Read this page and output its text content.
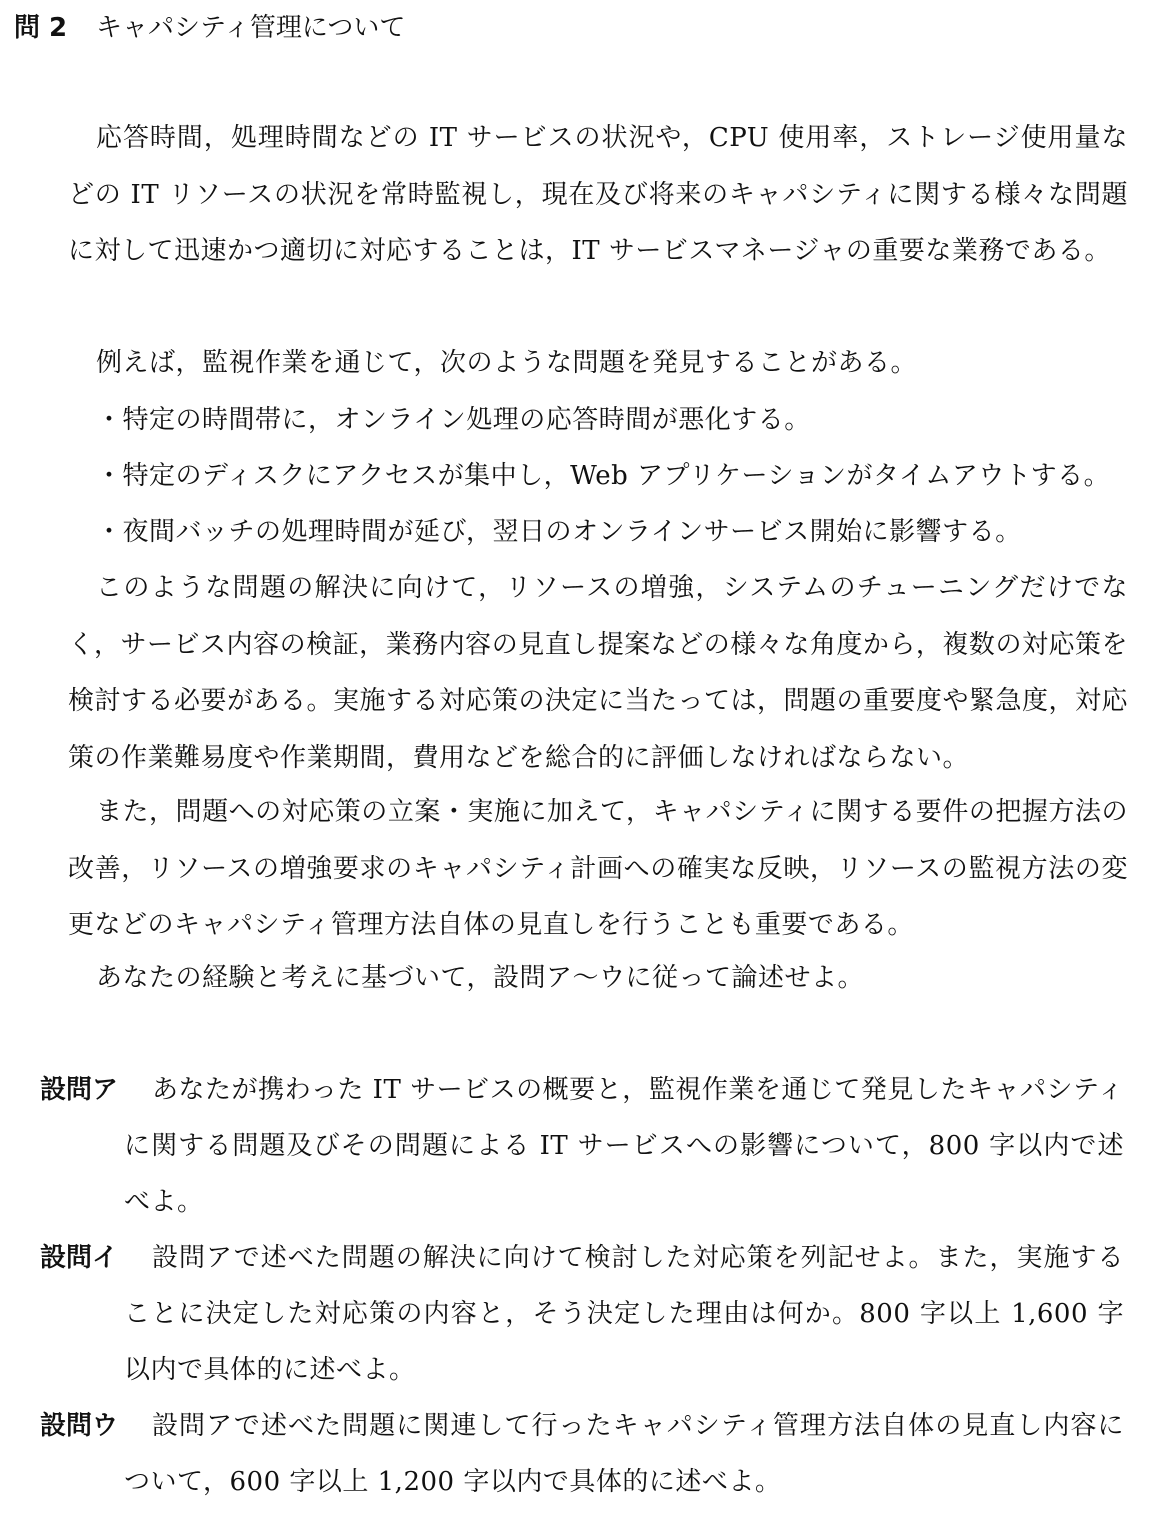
問 2 キャパシティ管理について

応答時間，処理時間などの IT サービスの状況や，CPU 使用率，ストレージ使用量などの IT リソースの状況を常時監視し，現在及び将来のキャパシティに関する様々な問題に対して迅速かつ適切に対応することは，IT サービスマネージャの重要な業務である。

例えば，監視作業を通じて，次のような問題を発見することがある。

・特定の時間帯に，オンライン処理の応答時間が悪化する。
・特定のディスクにアクセスが集中し，Web アプリケーションがタイムアウトする。
・夜間バッチの処理時間が延び，翌日のオンラインサービス開始に影響する。

このような問題の解決に向けて，リソースの増強，システムのチューニングだけでなく，サービス内容の検証，業務内容の見直し提案などの様々な角度から，複数の対応策を検討する必要がある。実施する対応策の決定に当たっては，問題の重要度や緊急度，対応策の作業難易度や作業期間，費用などを総合的に評価しなければならない。

また，問題への対応策の立案・実施に加えて，キャパシティに関する要件の把握方法の改善，リソースの増強要求のキャパシティ計画への確実な反映，リソースの監視方法の変更などのキャパシティ管理方法自体の見直しを行うことも重要である。

あなたの経験と考えに基づいて，設問ア～ウに従って論述せよ。

設問ア	あなたが携わった IT サービスの概要と，監視作業を通じて発見したキャパシティに関する問題及びその問題による IT サービスへの影響について，800 字以内で述べよ。

設問イ	設問アで述べた問題の解決に向けて検討した対応策を列記せよ。また，実施することに決定した対応策の内容と，そう決定した理由は何か。800 字以上 1,600 字以内で具体的に述べよ。

設問ウ	設問アで述べた問題に関連して行ったキャパシティ管理方法自体の見直し内容について，600 字以上 1,200 字以内で具体的に述べよ。
